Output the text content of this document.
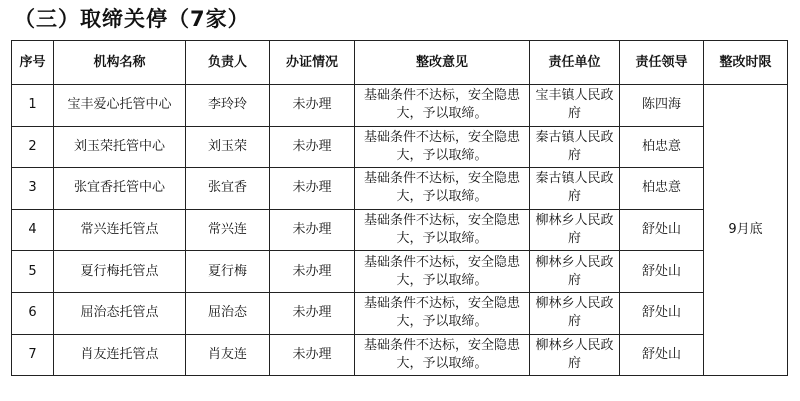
（三）取缔关停（7家）
序号	机构名称	负责人	办证情况	整改意见	责任单位	责任领导	整改时限
1	宝丰爱心托管中心	李玲玲	未办理	基础条件不达标，安全隐患大，予以取缔。	宝丰镇人民政府	陈四海	9月底
2	刘玉荣托管中心	刘玉荣	未办理	基础条件不达标，安全隐患大，予以取缔。	秦古镇人民政府	柏忠意	
3	张宜香托管中心	张宜香	未办理	基础条件不达标，安全隐患大，予以取缔。	秦古镇人民政府	柏忠意	
4	常兴连托管点	常兴连	未办理	基础条件不达标，安全隐患大，予以取缔。	柳林乡人民政府	舒处山	
5	夏行梅托管点	夏行梅	未办理	基础条件不达标，安全隐患大，予以取缔。	柳林乡人民政府	舒处山	
6	屈治态托管点	屈治态	未办理	基础条件不达标，安全隐患大，予以取缔。	柳林乡人民政府	舒处山	
7	肖友连托管点	肖友连	未办理	基础条件不达标，安全隐患大，予以取缔。	柳林乡人民政府	舒处山	
